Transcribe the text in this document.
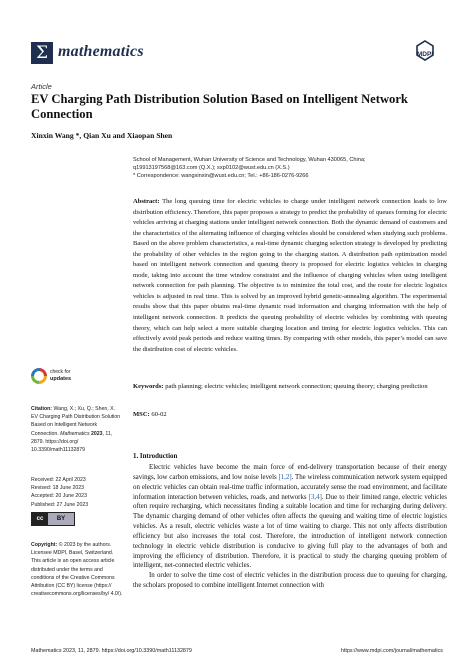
Σ mathematics	MDPI
Article
EV Charging Path Distribution Solution Based on Intelligent Network Connection
Xinxin Wang *, Qian Xu and Xiaopan Shen
School of Management, Wuhan University of Science and Technology, Wuhan 430065, China;
q19913197568@163.com (Q.X.); sxp0102@wust.edu.cn (X.S.)
* Correspondence: wangxinxin@wust.edu.cn; Tel.: +86-186-0276-9266
Abstract: The long queuing time for electric vehicles to charge under intelligent network connection leads to low distribution efficiency. Therefore, this paper proposes a strategy to predict the probability of queues forming for electric vehicles arriving at charging stations under intelligent network connection. Both the dynamic demand of customers and the characteristics of the alternating influence of charging vehicles should be considered when studying such problems. Based on the above problem characteristics, a real-time dynamic charging selection strategy is developed by predicting the probability of other vehicles in the region going to the charging station. A distribution path optimization model based on intelligent network connection and queuing theory is proposed for electric logistics vehicles in charging mode, taking into account the time window constraint and the influence of charging vehicles when using intelligent network connection for path planning. The objective is to minimize the total cost, and the route for electric logistics vehicles is adjusted in real time. This is solved by an improved hybrid genetic-annealing algorithm. The experimental results show that this paper obtains real-time dynamic road information and charging information with the help of intelligent network connection. It predicts the queuing probability of electric vehicles by combining with queuing theory, which can help select a more suitable charging location and timing for electric logistics vehicles. This can effectively avoid peak periods and reduce waiting times. By comparing with other models, this paper’s model can save the distribution cost of electric vehicles.
Keywords: path planning; electric vehicles; intelligent network connection; queuing theory; charging prediction
MSC: 60-02
check for
updates
Citation: Wang, X.; Xu, Q.; Shen, X. EV Charging Path Distribution Solution Based on Intelligent Network Connection. Mathematics 2023, 11, 2879. https://doi.org/ 10.3390/math11132879
Received: 22 April 2023
Revised: 18 June 2023
Accepted: 20 June 2023
Published: 27 June 2023
cc	BY
Copyright: © 2023 by the authors. Licensee MDPI, Basel, Switzerland. This article is an open access article distributed under the terms and conditions of the Creative Commons Attribution (CC BY) license (https:// creativecommons.org/licenses/by/ 4.0/).
1. Introduction
Electric vehicles have become the main force of end-delivery transportation because of their energy savings, low carbon emissions, and low noise levels [1,2]. The wireless communication network system equipped on electric vehicles can obtain real-time traffic information, accurately sense the road environment, and facilitate information interaction between vehicles, roads, and networks [3,4]. Due to their limited range, electric vehicles often require recharging, which necessitates finding a suitable location and time for recharging during delivery. The dynamic charging demand of other vehicles often affects the queuing and waiting time of electric logistics vehicles. As a result, electric vehicles waste a lot of time waiting to charge. This not only affects distribution efficiency but also increases the total cost. Therefore, the introduction of intelligent network connection technology in electric vehicle distribution is conducive to giving full play to the advantages of both and improving the efficiency of distribution. Therefore, it is practical to study the charging queuing problem of intelligent, net-connected electric vehicles.
In order to solve the time cost of electric vehicles in the distribution process due to queuing for charging, the scholars proposed to combine intelligent Internet connection with
Mathematics 2023, 11, 2879. https://doi.org/10.3390/math11132879	https://www.mdpi.com/journal/mathematics
